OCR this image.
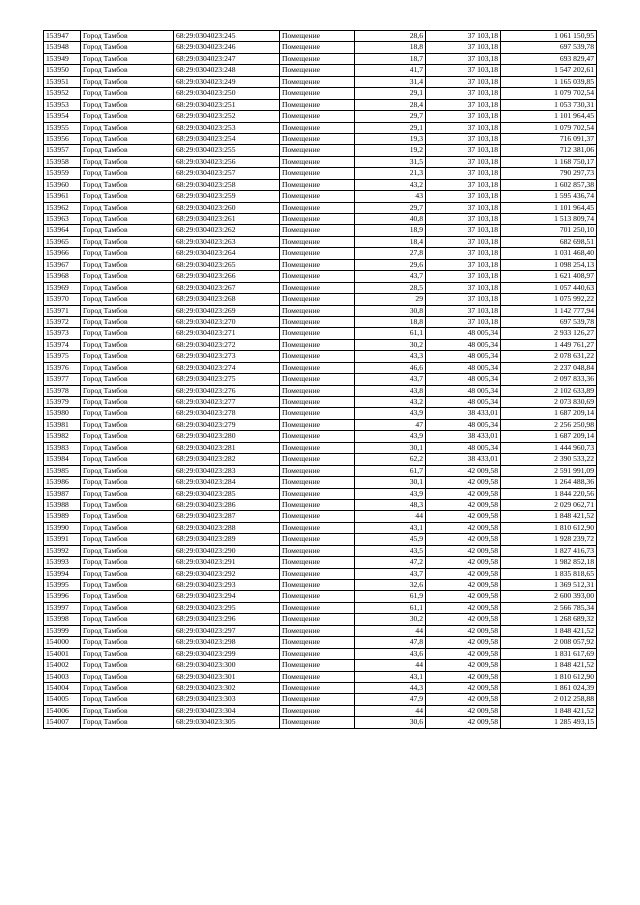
153947	Город Тамбов	68:29:0304023:245	Помещение	28,6	37 103,18	1 061 150,95
153948	Город Тамбов	68:29:0304023:246	Помещение	18,8	37 103,18	697 539,78
153949	Город Тамбов	68:29:0304023:247	Помещение	18,7	37 103,18	693 829,47
153950	Город Тамбов	68:29:0304023:248	Помещение	41,7	37 103,18	1 547 202,61
153951	Город Тамбов	68:29:0304023:249	Помещение	31,4	37 103,18	1 165 039,85
153952	Город Тамбов	68:29:0304023:250	Помещение	29,1	37 103,18	1 079 702,54
153953	Город Тамбов	68:29:0304023:251	Помещение	28,4	37 103,18	1 053 730,31
153954	Город Тамбов	68:29:0304023:252	Помещение	29,7	37 103,18	1 101 964,45
153955	Город Тамбов	68:29:0304023:253	Помещение	29,1	37 103,18	1 079 702,54
153956	Город Тамбов	68:29:0304023:254	Помещение	19,3	37 103,18	716 091,37
153957	Город Тамбов	68:29:0304023:255	Помещение	19,2	37 103,18	712 381,06
153958	Город Тамбов	68:29:0304023:256	Помещение	31,5	37 103,18	1 168 750,17
153959	Город Тамбов	68:29:0304023:257	Помещение	21,3	37 103,18	790 297,73
153960	Город Тамбов	68:29:0304023:258	Помещение	43,2	37 103,18	1 602 857,38
153961	Город Тамбов	68:29:0304023:259	Помещение	43	37 103,18	1 595 436,74
153962	Город Тамбов	68:29:0304023:260	Помещение	29,7	37 103,18	1 101 964,45
153963	Город Тамбов	68:29:0304023:261	Помещение	40,8	37 103,18	1 513 809,74
153964	Город Тамбов	68:29:0304023:262	Помещение	18,9	37 103,18	701 250,10
153965	Город Тамбов	68:29:0304023:263	Помещение	18,4	37 103,18	682 698,51
153966	Город Тамбов	68:29:0304023:264	Помещение	27,8	37 103,18	1 031 468,40
153967	Город Тамбов	68:29:0304023:265	Помещение	29,6	37 103,18	1 098 254,13
153968	Город Тамбов	68:29:0304023:266	Помещение	43,7	37 103,18	1 621 408,97
153969	Город Тамбов	68:29:0304023:267	Помещение	28,5	37 103,18	1 057 440,63
153970	Город Тамбов	68:29:0304023:268	Помещение	29	37 103,18	1 075 992,22
153971	Город Тамбов	68:29:0304023:269	Помещение	30,8	37 103,18	1 142 777,94
153972	Город Тамбов	68:29:0304023:270	Помещение	18,8	37 103,18	697 539,78
153973	Город Тамбов	68:29:0304023:271	Помещение	61,1	48 005,34	2 933 126,27
153974	Город Тамбов	68:29:0304023:272	Помещение	30,2	48 005,34	1 449 761,27
153975	Город Тамбов	68:29:0304023:273	Помещение	43,3	48 005,34	2 078 631,22
153976	Город Тамбов	68:29:0304023:274	Помещение	46,6	48 005,34	2 237 048,84
153977	Город Тамбов	68:29:0304023:275	Помещение	43,7	48 005,34	2 097 833,36
153978	Город Тамбов	68:29:0304023:276	Помещение	43,8	48 005,34	2 102 633,89
153979	Город Тамбов	68:29:0304023:277	Помещение	43,2	48 005,34	2 073 830,69
153980	Город Тамбов	68:29:0304023:278	Помещение	43,9	38 433,01	1 687 209,14
153981	Город Тамбов	68:29:0304023:279	Помещение	47	48 005,34	2 256 250,98
153982	Город Тамбов	68:29:0304023:280	Помещение	43,9	38 433,01	1 687 209,14
153983	Город Тамбов	68:29:0304023:281	Помещение	30,1	48 005,34	1 444 960,73
153984	Город Тамбов	68:29:0304023:282	Помещение	62,2	38 433,01	2 390 533,22
153985	Город Тамбов	68:29:0304023:283	Помещение	61,7	42 009,58	2 591 991,09
153986	Город Тамбов	68:29:0304023:284	Помещение	30,1	42 009,58	1 264 488,36
153987	Город Тамбов	68:29:0304023:285	Помещение	43,9	42 009,58	1 844 220,56
153988	Город Тамбов	68:29:0304023:286	Помещение	48,3	42 009,58	2 029 062,71
153989	Город Тамбов	68:29:0304023:287	Помещение	44	42 009,58	1 848 421,52
153990	Город Тамбов	68:29:0304023:288	Помещение	43,1	42 009,58	1 810 612,90
153991	Город Тамбов	68:29:0304023:289	Помещение	45,9	42 009,58	1 928 239,72
153992	Город Тамбов	68:29:0304023:290	Помещение	43,5	42 009,58	1 827 416,73
153993	Город Тамбов	68:29:0304023:291	Помещение	47,2	42 009,58	1 982 852,18
153994	Город Тамбов	68:29:0304023:292	Помещение	43,7	42 009,58	1 835 818,65
153995	Город Тамбов	68:29:0304023:293	Помещение	32,6	42 009,58	1 369 512,31
153996	Город Тамбов	68:29:0304023:294	Помещение	61,9	42 009,58	2 600 393,00
153997	Город Тамбов	68:29:0304023:295	Помещение	61,1	42 009,58	2 566 785,34
153998	Город Тамбов	68:29:0304023:296	Помещение	30,2	42 009,58	1 268 689,32
153999	Город Тамбов	68:29:0304023:297	Помещение	44	42 009,58	1 848 421,52
154000	Город Тамбов	68:29:0304023:298	Помещение	47,8	42 009,58	2 008 057,92
154001	Город Тамбов	68:29:0304023:299	Помещение	43,6	42 009,58	1 831 617,69
154002	Город Тамбов	68:29:0304023:300	Помещение	44	42 009,58	1 848 421,52
154003	Город Тамбов	68:29:0304023:301	Помещение	43,1	42 009,58	1 810 612,90
154004	Город Тамбов	68:29:0304023:302	Помещение	44,3	42 009,58	1 861 024,39
154005	Город Тамбов	68:29:0304023:303	Помещение	47,9	42 009,58	2 012 258,88
154006	Город Тамбов	68:29:0304023:304	Помещение	44	42 009,58	1 848 421,52
154007	Город Тамбов	68:29:0304023:305	Помещение	30,6	42 009,58	1 285 493,15
